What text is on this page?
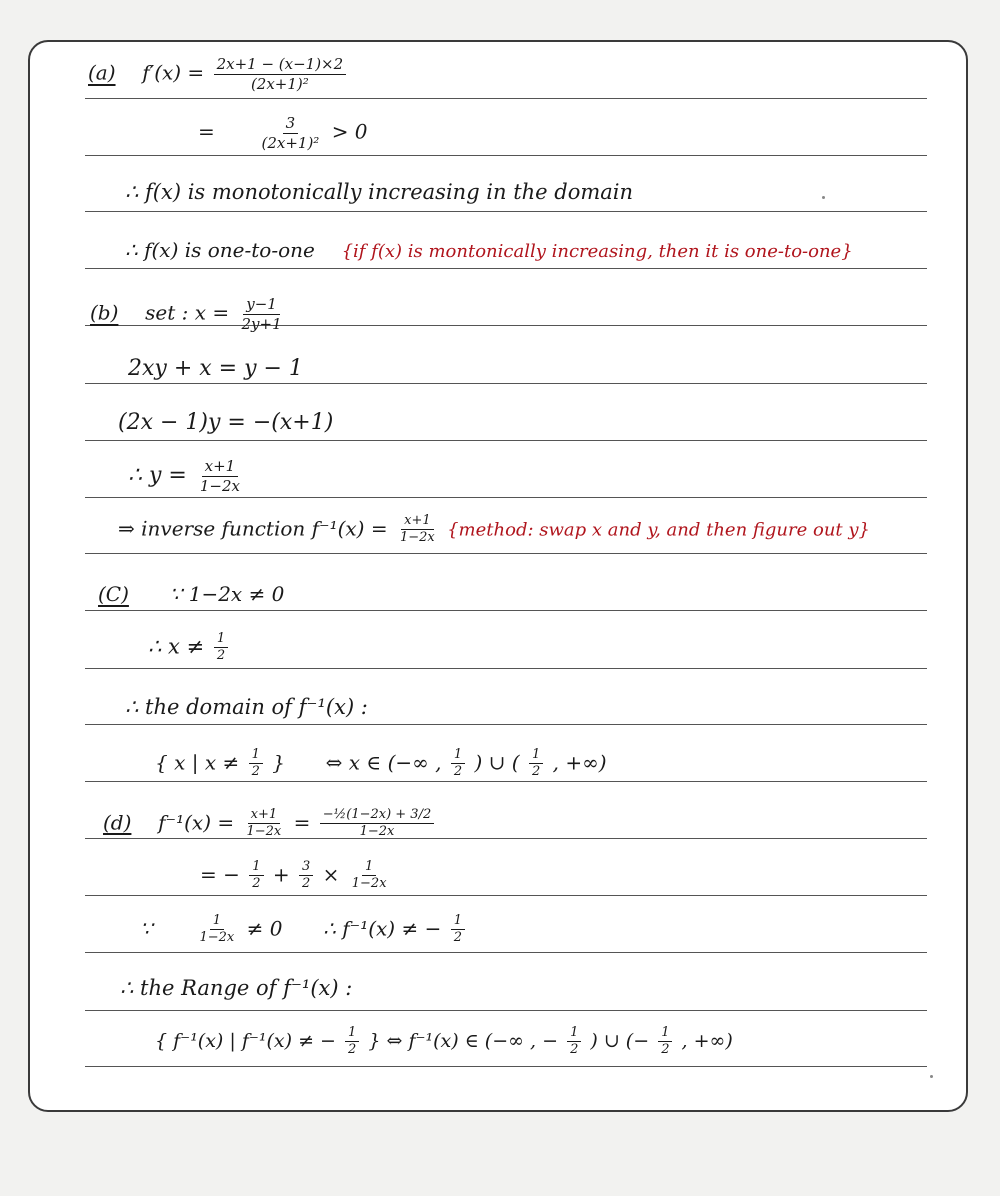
(a) $f'(x) = \frac{2x+1 - (x-1)\times 2}{\text{(2x+1)²}}$
=	$\frac{3}{\text{(2x+1)²}} > 0$
∴ f(x) is monotonically increasing in the domain
∴ f(x) is one-to-one {if f(x) is montonically increasing, then it is one-to-one}
(b) set : $x = \frac{y-1}{2y+1}$
2xy + x = y − 1
(2x − 1)y = −(x+1)
∴ $y = \frac{x+1}{1-2x}$
⇒ inverse function $f^{-1}(x) = \frac{x+1}{1-2x}$ {method: swap x and y, and then figure out y}
(C) ∵ 1−2x ≠ 0
∴ $x \ne \frac{1}{2}$
∴ the domain of f⁻¹(x) :
{ x | $x \ne \frac{1}{2}$ } ⇔ x ∈ (−∞ , $\frac{1}{2}$ ) ∪ ( $\frac{1}{2}$ , +∞)
(d) $f^{-1}(x) = \frac{x+1}{1-2x} = \frac{\text{−½(1−2x) + 3/2}}{1-2x}$
= − $\frac{1}{2} + \frac{3}{2} \times \frac{1}{1-2x}$
∵	$\frac{1}{1-2x} \ne 0$ ∴ f⁻¹(x) ≠ − $\frac{1}{2}$
∴ the Range of f⁻¹(x) :
{ f⁻¹(x) | f⁻¹(x) ≠ − $\frac{1}{2}$ } ⇔ f⁻¹(x) ∈ (−∞ , − $\frac{1}{2}$ ) ∪ (− $\frac{1}{2}$ , +∞)
